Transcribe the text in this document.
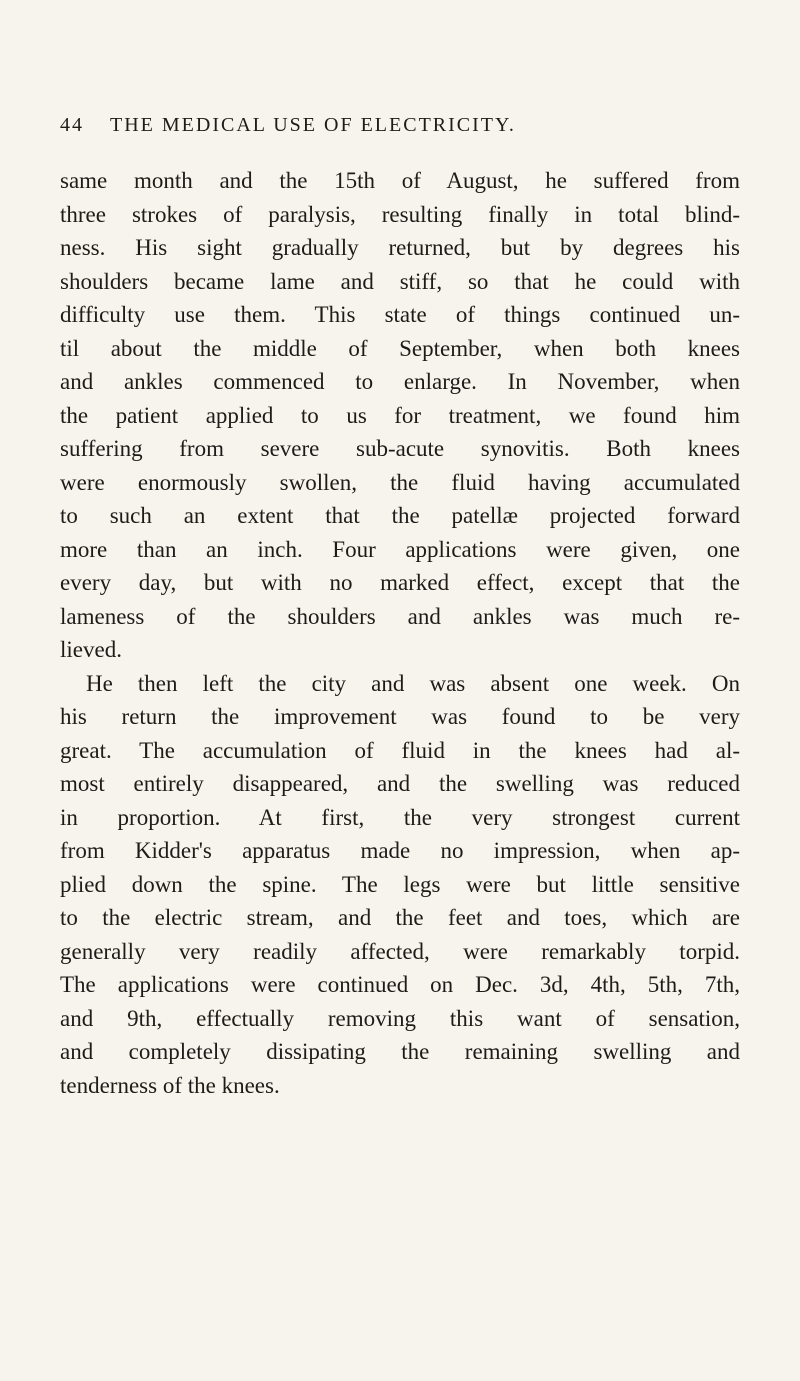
44 THE MEDICAL USE OF ELECTRICITY.
same month and the 15th of August, he suffered from
three strokes of paralysis, resulting finally in total blind-
ness. His sight gradually returned, but by degrees his
shoulders became lame and stiff, so that he could with
difficulty use them. This state of things continued un-
til about the middle of September, when both knees
and ankles commenced to enlarge. In November, when
the patient applied to us for treatment, we found him
suffering from severe sub-acute synovitis. Both knees
were enormously swollen, the fluid having accumulated
to such an extent that the patellæ projected forward
more than an inch. Four applications were given, one
every day, but with no marked effect, except that the
lameness of the shoulders and ankles was much re-
lieved.
He then left the city and was absent one week. On
his return the improvement was found to be very
great. The accumulation of fluid in the knees had al-
most entirely disappeared, and the swelling was reduced
in proportion. At first, the very strongest current
from Kidder's apparatus made no impression, when ap-
plied down the spine. The legs were but little sensitive
to the electric stream, and the feet and toes, which are
generally very readily affected, were remarkably torpid.
The applications were continued on Dec. 3d, 4th, 5th, 7th,
and 9th, effectually removing this want of sensation,
and completely dissipating the remaining swelling and
tenderness of the knees.
